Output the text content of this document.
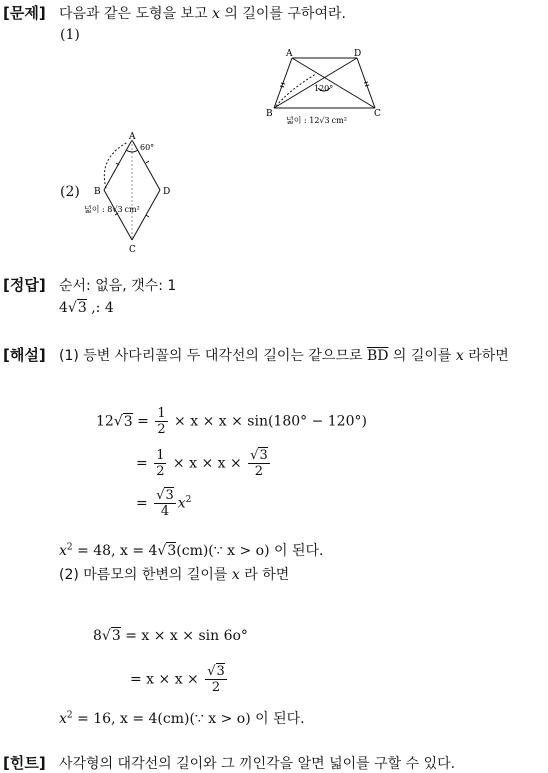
[문제] 다음과 같은 도형을 보고 x 의 길이를 구하여라.
(1)
A	D
B	C
120°
넓이 : 12√3 cm²
(2)
A
B
C
D
60°
넓이 : 8√3 cm²
[정답] 순서: 없음, 갯수: 1
4√3 ,: 4
[해설] (1) 등변 사다리꼴의 두 대각선의 길이는 같으므로 $\overline{BD}$ 의 길이를 x 라하면
$12√3 = \frac{1}{2} \times x \times x \times \sin(180^\circ - 120^\circ)$
= $\frac{1}{2} \times x \times x \times \frac{√3}{2}$
= $\frac{√3}{4} x^2$
$x^2 = 48$, x = 4√3(cm)(∵ x > o) 이 된다.
(2) 마름모의 한변의 길이를 x 라 하면
8√3 = x × x × sin 6o°
= $x \times x \times \frac{√3}{2}$
$x^2 = 16$, x = 4(cm)(∵ x > o) 이 된다.
[힌트] 사각형의 대각선의 길이와 그 끼인각을 알면 넓이를 구할 수 있다.
